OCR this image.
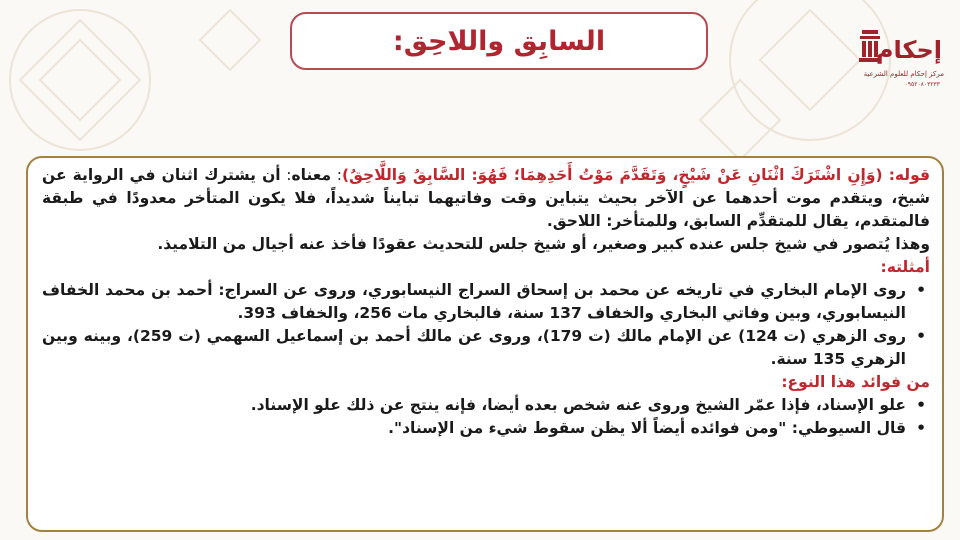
السابِق واللاحِق:	إحكام
مركز إحكام للعلوم الشرعية
٠٩٥٢٠٨٠٣٢٣٣

قوله: (وَإِنِ اشْتَرَكَ اثْنَانِ عَنْ شَيْخٍ، وَتَقَدَّمَ مَوْتُ أَحَدِهِمَا؛ فَهُوَ: السَّابِقُ وَاللَّاحِقُ): معناه: أن يشترك اثنان في الرواية عن شيخ، ويتقدم موت أحدهما عن الآخر بحيث يتباين وقت وفاتيهما تبايناً شديداً، فلا يكون المتأخر معدودًا في طبقة فالمتقدم، يقال للمتقدِّم السابق، وللمتأخر: اللاحق.

وهذا يُتصور في شيخ جلس عنده كبير وصغير، أو شيخ جلس للتحديث عقودًا فأخذ عنه أجيال من التلاميذ.

أمثلته:

• روى الإمام البخاري في تاريخه عن محمد بن إسحاق السراج النيسابوري، وروى عن السراج: أحمد بن محمد الخفاف النيسابوري، وبين وفاتي البخاري والخفاف 137 سنة، فالبخاري مات 256، والخفاف 393.
• روى الزهري (ت 124) عن الإمام مالك (ت 179)، وروى عن مالك أحمد بن إسماعيل السهمي (ت 259)، وبينه وبين الزهري 135 سنة.

من فوائد هذا النوع:

• علو الإسناد، فإذا عمّر الشيخ وروى عنه شخص بعده أيضا، فإنه ينتج عن ذلك علو الإسناد.
• قال السيوطي: "ومن فوائده أيضاً ألا يظن سقوط شيء من الإسناد".
